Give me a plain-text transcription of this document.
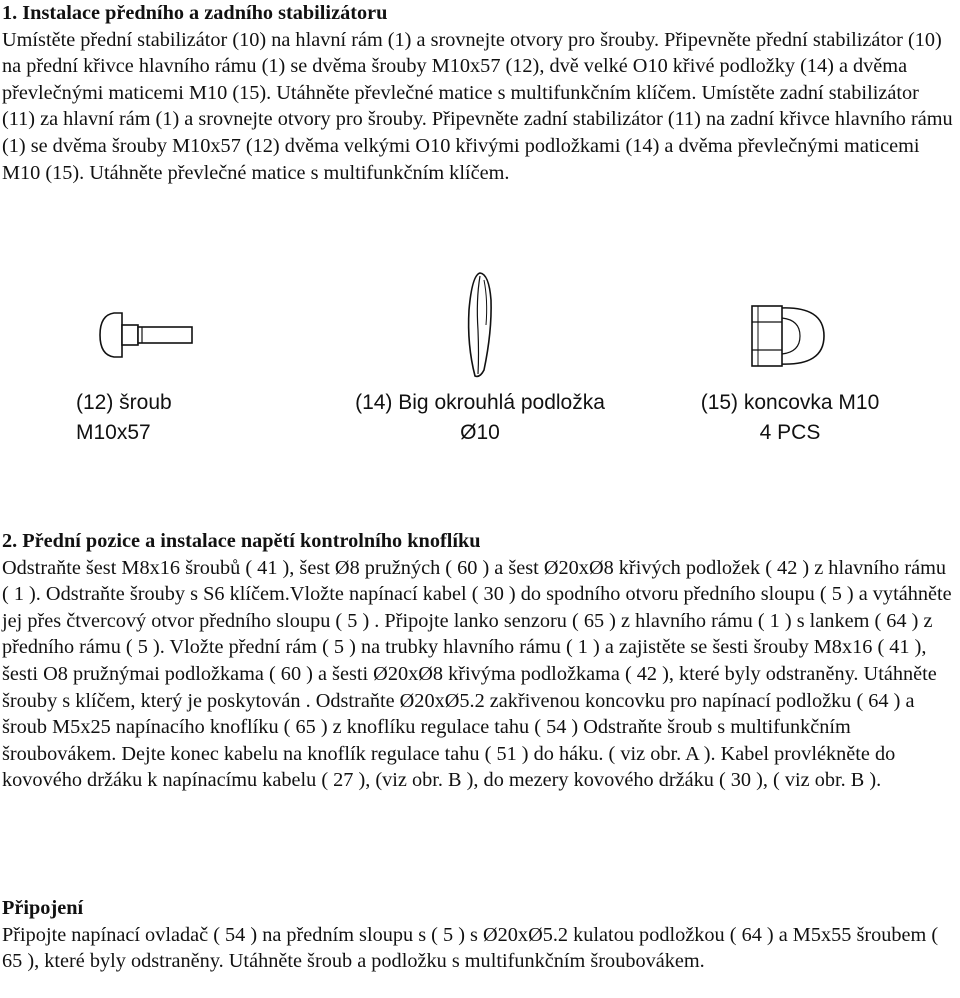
1. Instalace předního a zadního stabilizátoru
Umístěte přední stabilizátor (10) na hlavní rám (1) a srovnejte otvory pro šrouby. Připevněte přední stabilizátor (10) na přední křivce hlavního rámu (1) se dvěma šrouby M10x57 (12), dvě velké O10 křivé podložky (14) a dvěma převlečnými maticemi M10 (15). Utáhněte převlečné matice s multifunkčním klíčem. Umístěte zadní stabilizátor (11) za hlavní rám (1) a srovnejte otvory pro šrouby. Připevněte zadní stabilizátor (11) na zadní křivce hlavního rámu (1) se dvěma šrouby M10x57 (12) dvěma velkými O10 křivými podložkami (14) a dvěma převlečnými maticemi M10 (15). Utáhněte převlečné matice s multifunkčním klíčem.
(12) šroub
M10x57
(14) Big okrouhlá podložka
Ø10
(15) koncovka M10
4 PCS
2. Přední pozice a instalace napětí kontrolního knoflíku
Odstraňte šest M8x16 šroubů ( 41 ), šest Ø8 pružných ( 60 ) a šest Ø20xØ8 křivých podložek ( 42 ) z hlavního rámu ( 1 ). Odstraňte šrouby s S6 klíčem.Vložte napínací kabel ( 30 ) do spodního otvoru předního sloupu ( 5 ) a vytáhněte jej přes čtvercový otvor předního sloupu ( 5 ) . Připojte lanko senzoru ( 65 ) z hlavního rámu ( 1 ) s lankem ( 64 ) z předního rámu ( 5 ). Vložte přední rám ( 5 ) na trubky hlavního rámu ( 1 ) a zajistěte se šesti šrouby M8x16 ( 41 ), šesti O8 pružnýmai podložkama ( 60 ) a šesti Ø20xØ8 křivýma podložkama ( 42 ), které byly odstraněny. Utáhněte šrouby s klíčem, který je poskytován . Odstraňte Ø20xØ5.2 zakřivenou koncovku pro napínací podložku ( 64 ) a šroub M5x25 napínacího knoflíku ( 65 ) z knoflíku regulace tahu ( 54 ) Odstraňte šroub s multifunkčním šroubovákem. Dejte konec kabelu na knoflík regulace tahu ( 51 ) do háku. ( viz obr. A ). Kabel provlékněte do kovového držáku k napínacímu kabelu ( 27 ), (viz obr. B ), do mezery kovového držáku ( 30 ), ( viz obr. B ).
Připojení
Připojte napínací ovladač ( 54 ) na předním sloupu s ( 5 ) s Ø20xØ5.2 kulatou podložkou ( 64 ) a M5x55 šroubem ( 65 ), které byly odstraněny. Utáhněte šroub a podložku s multifunkčním šroubovákem.
